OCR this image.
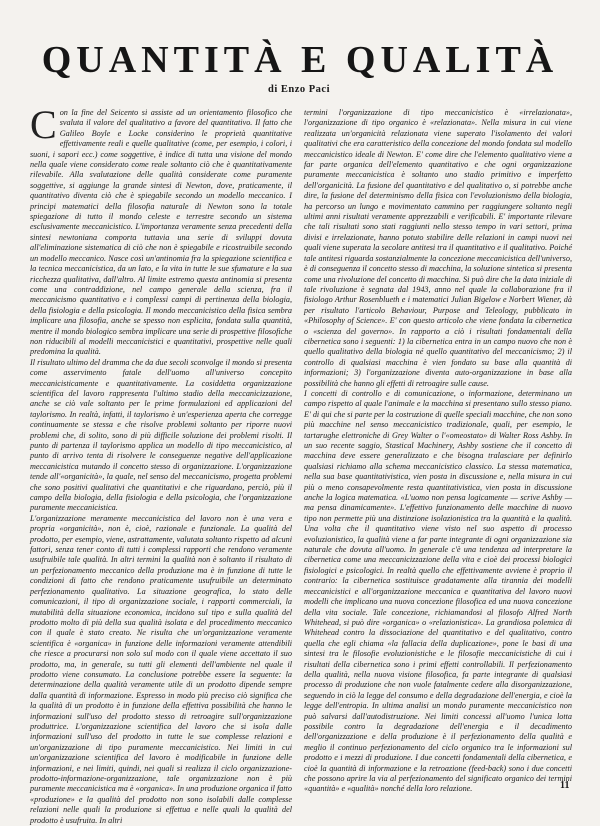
QUANTITÀ E QUALITÀ
di Enzo Paci
C on la fine del Seicento si assiste ad un orientamento filosofico che svaluta il valore del qualitativo a favore del quantitativo. Il fatto che Galileo Boyle e Locke considerino le proprietà quantitative effettivamente reali e quelle qualitative (come, per esempio, i colori, i suoni, i sapori ecc.) come soggettive, è indice di tutta una visione del mondo nella quale viene considerato come reale soltanto ciò che è quantitativamente rilevabile. Alla svalutazione delle qualità considerate come puramente soggettive, si aggiunge la grande sintesi di Newton, dove, praticamente, il quantitativo diventa ciò che è spiegabile secondo un modello meccanico. I principi matematici della filosofia naturale di Newton sono la totale spiegazione di tutto il mondo celeste e terrestre secondo un sistema esclusivamente meccanicistico. L'importanza veramente senza precedenti della sintesi newtoniana comporta tuttavia una serie di sviluppi dovuta all'eliminazione sistematica di ciò che non è spiegabile e ricostruibile secondo un modello meccanico. Nasce così un'antinomia fra la spiegazione scientifica e la tecnica meccanicistica, da un lato, e la vita in tutte le sue sfumature e la sua ricchezza qualitativa, dall'altro. Al limite estremo questa antinomia si presenta come una contraddizione, nel campo generale della scienza, fra il meccanicismo quantitativo e i complessi campi di pertinenza della biologia, della fisiologia e della psicologia. Il mondo meccanicistico della fisica sembra implicare una filosofia, anche se spesso non esplicita, fondata sulla quantità, mentre il mondo biologico sembra implicare una serie di prospettive filosofiche non riducibili al modelli meccanicistici e quantitativi, prospettive nelle quali predomina la qualità.

Il risultato ultimo del dramma che da due secoli sconvolge il mondo si presenta come asservimento fatale dell'uomo all'universo concepito meccanicisticamente e quantitativamente. La cosiddetta organizzazione scientifica del lavoro rappresenta l'ultimo stadio della meccanicizzazione, anche se ciò vale soltanto per le prime formulazioni ed applicazioni del taylorismo. In realtà, infatti, il taylorismo è un'esperienza aperta che corregge continuamente se stessa e che risolve problemi soltanto per riporre nuovi problemi che, di solito, sono di più difficile soluzione dei problemi risolti. Il punto di partenza il taylorismo applica un modello di tipo meccanicistico, al punto di arrivo tenta di risolvere le conseguenze negative dell'applicazione meccanicistica mutando il concetto stesso di organizzazione. L'organizzazione tende all'«organicità», la quale, nel senso del meccanicismo, progetta problemi che sono positivi qualitativi che quantitativi e che riguardano, perciò, più il campo della biologia, della fisiologia e della psicologia, che l'organizzazione puramente meccanicistica.

L'organizzazione meramente meccanicistica del lavoro non è una vera e propria «organicità», non è, cioè, razionale e funzionale. La qualità del prodotto, per esempio, viene, astrattamente, valutata soltanto rispetto ad alcuni fattori, senza tener conto di tutti i complessi rapporti che rendono veramente usufruibile tale qualità. In altri termini la qualità non è soltanto il risultato di un perfezionamento meccanico della produzione ma è in funzione di tutte le condizioni di fatto che rendono praticamente usufruibile un determinato perfezionamento qualitativo. La situazione geografica, lo stato delle comunicazioni, il tipo di organizzazione sociale, i rapporti commerciali, la mutabilità della situazione economica, incidono sul tipo e sulla qualità del prodotto molto di più della sua qualità isolata e del procedimento meccanico con il quale è stato creato. Ne risulta che un'organizzazione veramente scientifica è «organica» in funzione delle informazioni veramente attendibili che riesce a procurarsi non solo sul modo con il quale viene accettato il suo prodotto, ma, in generale, su tutti gli elementi dell'ambiente nel quale il prodotto viene consumato. La conclusione potrebbe essere la seguente: la determinazione della qualità veramente utile di un prodotto dipende sempre dalla quantità di informazione. Espresso in modo più preciso ciò significa che la qualità di un prodotto è in funzione della effettiva possibilità che hanno le informazioni sull'uso del prodotto stesso di retroagire sull'organizzazione produttrice. L'organizzazione scientifica del lavoro che si isola dalle informazioni sull'uso del prodotto in tutte le sue complesse relazioni e un'organizzazione di tipo puramente meccanicistico. Nei limiti in cui un'organizzazione scientifica del lavoro è modificabile in funzione delle informazioni, e nei limiti, quindi, nei quali si realizza il ciclo organizzazione-prodotto-informazione-organizzazione, tale organizzazione non è più puramente meccanicistica ma è «organica». In una produzione organica il fatto «produzione» e la qualità del prodotto non sono isolabili dalle complesse relazioni nelle quali la produzione si effettua e nelle quali la qualità del prodotto è usufruita. In altri

termini l'organizzazione di tipo meccanicistico è «irrelazionata», l'organizzazione di tipo organico è «relazionata». Nella misura in cui viene realizzata un'organicità relazionata viene superato l'isolamento dei valori qualitativi che era caratteristico della concezione del mondo fondata sul modello meccanicistico ideale di Newton. E' come dire che l'elemento qualitativo viene a far parte organica dell'elemento quantitativo e che ogni organizzazione puramente meccanicistica è soltanto uno stadio primitivo e imperfetto dell'organicità. La fusione del quantitativo e del qualitativo o, si potrebbe anche dire, la fusione del determinismo della fisica con l'evoluzionismo della biologia, ha percorso un lungo e movimentato cammino per raggiungere soltanto negli ultimi anni risultati veramente apprezzabili e verificabili. E' importante rilevare che tali risultati sono stati raggiunti nello stesso tempo in vari settori, prima divisi e irrelazionate, hanno potuto stabilire delle relazioni in campi nuovi nei quali viene superata la secolare antitesi tra il quantitativo e il qualitativo. Poiché tale antitesi riguarda sostanzialmente la concezione meccanicistica dell'universo, è di conseguenza il concetto stesso di macchina, la soluzione sintetica si presenta come una rivoluzione del concetto di macchina. Si può dire che la data iniziale di tale rivoluzione è segnata dal 1943, anno nel quale la collaborazione fra il fisiologo Arthur Rosenblueth e i matematici Julian Bigelow e Norbert Wiener, dà per risultato l'articolo Behaviour, Purpose and Teleology, pubblicato in «Philosophy of Science». E' con questo articolo che viene fondata la cibernetica o «scienza del governo». In rapporto a ciò i risultati fondamentali della cibernetica sono i seguenti: 1) la cibernetica entra in un campo nuovo che non è quello qualitativo della biologia né quello quantitativo del meccanicismo; 2) il controllo di qualsiasi macchina è vien fondato su base alla quantità di informazioni; 3) l'organizzazione diventa auto-organizzazione in base alla possibilità che hanno gli effetti di retroagire sulle cause.

I concetti di controllo e di comunicazione, o informazione, determinano un campo rispetto al quale l'animale e la macchina si presentano sullo stesso piano. E' di qui che si parte per la costruzione di quelle speciali macchine, che non sono più macchine nel senso meccanicistico tradizionale, quali, per esempio, le tartarughe elettroniche di Grey Walter o l'«omeostato» di Walter Ross Ashby. In un suo recente saggio, Stastical Machinery, Ashby sostiene che il concetto di macchina deve essere generalizzato e che bisogna tralasciare per definirlo qualsiasi richiamo alla schema meccanicistico classico. La stessa matematica, nella sua base quantitativistica, vien posta in discussione e, nella misura in cui più o meno consapevolmente resta quantitativistica, vien posta in discussione anche la logica matematica. «L'uomo non pensa logicamente — scrive Ashby — ma pensa dinamicamente». L'effettivo funzionamento delle macchine di nuovo tipo non permette più una distinzione isolazionistica tra la quantità e la qualità. Una volta che il quantitativo viene visto nel suo aspetto di processo evoluzionistico, la qualità viene a far parte integrante di ogni organizzazione sia naturale che dovuta all'uomo. In generale c'è una tendenza ad interpretare la cibernetica come una meccanicizzazione della vita e cioè dei processi biologici fisiologici e psicologici. In realtà quello che effettivamente avviene è proprio il contrario: la cibernetica sostituisce gradatamente alla tirannia dei modelli meccanicistici e all'organizzazione meccanica e quantitativa del lavoro nuovi modelli che implicano una nuova concezione filosofica ed una nuova concezione della vita sociale. Tale concezione, richiamandosi al filosofo Alfred North Whitehead, si può dire «organica» o «relazionistica». La grandiosa polemica di Whitehead contro la dissociazione del quantitativo e del qualitativo, contro quella che egli chiama «la fallacia della duplicazione», pone le basi di una sintesi tra le filosofie evoluzionistiche e le filosofie meccanicistiche di cui i risultati della cibernetica sono i primi effetti controllabili. Il perfezionamento della qualità, nella nuova visione filosofica, fa parte integrante di qualsiasi processo di produzione che non vuole fatalmente cedere alla disorganizzazione, seguendo in ciò la legge del consumo e della degradazione dell'energia, e cioè la legge dell'entropia. In ultima analisi un mondo puramente meccanicistico non può salvarsi dall'autodistruzione. Nei limiti concessi all'uomo l'unica lotta possibile contro la degradazione dell'energia e il decadimento dell'organizzazione e della produzione è il perfezionamento della qualità e meglio il continuo perfezionamento del ciclo organico tra le informazioni sul prodotto e i mezzi di produzione. I due concetti fondamentali della cibernetica, e cioè la quantità di informazione e la retroazione (feed-back) sono i due concetti che possono aprire la via al perfezionamento del significato organico dei termini «quantità» e «qualità» nonché della loro relazione.	11
